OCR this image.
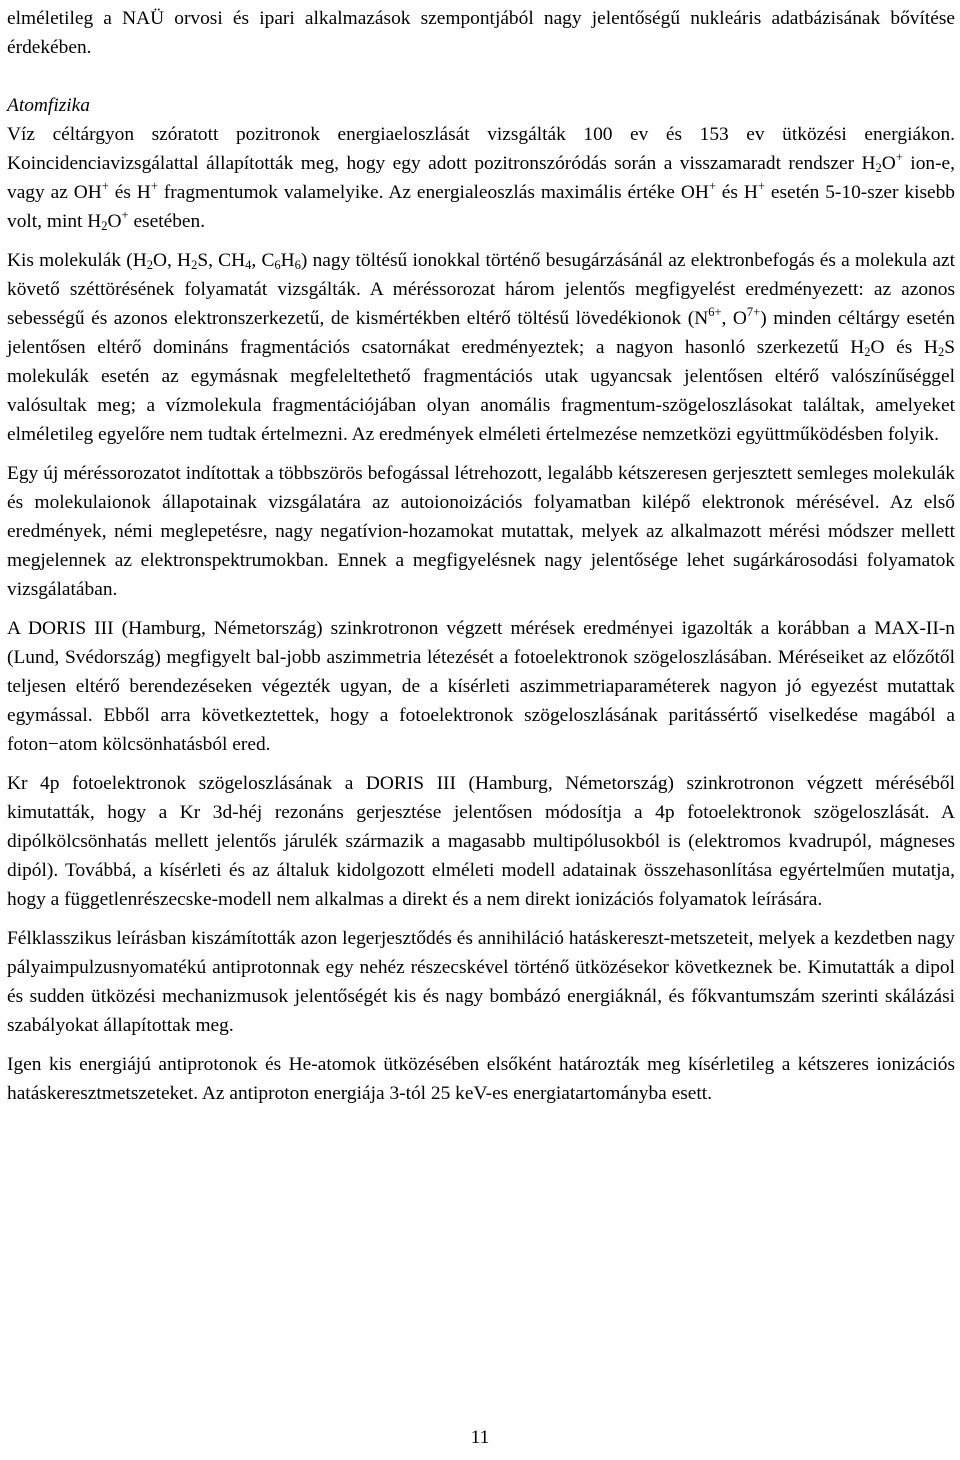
elméletileg a NAÜ orvosi és ipari alkalmazások szempontjából nagy jelentőségű nukleáris adatbázisának bővítése érdekében.

Atomfizika

Víz céltárgyon szóratott pozitronok energiaeloszlását vizsgálták 100 ev és 153 ev ütközési energiákon. Koincidenciavizsgálattal állapították meg, hogy egy adott pozitronszóródás során a visszamaradt rendszer $H_2O^+$ ion-e, vagy az OH+ és H+ fragmentumok valamelyike. Az energialeoszlás maximális értéke OH+ és H+ esetén 5-10-szer kisebb volt, mint $H_2O^+$ esetében.

Kis molekulák ($H_2O$, $H_2S$, $CH_4$, $C_6H_6$) nagy töltésű ionokkal történő besugárzásánál az elektronbefogás és a molekula azt követő széttörésének folyamatát vizsgálták. A méréssorozat három jelentős megfigyelést eredményezett: az azonos sebességű és azonos elektronszerkezetű, de kismértékben eltérő töltésű lövedékionok ($N^{6+}$, $O^{7+}$) minden céltárgy esetén jelentősen eltérő domináns fragmentációs csatornákat eredményeztek; a nagyon hasonló szerkezetű $H_2O$ és $H_2S$ molekulák esetén az egymásnak megfeleltethető fragmentációs utak ugyancsak jelentősen eltérő valószínűséggel valósultak meg; a vízmolekula fragmentációjában olyan anomális fragmentum-szögeloszlásokat találtak, amelyeket elméletileg egyelőre nem tudtak értelmezni. Az eredmények elméleti értelmezése nemzetközi együttműködésben folyik.

Egy új méréssorozatot indítottak a többszörös befogással létrehozott, legalább kétszeresen gerjesztett semleges molekulák és molekulaionok állapotainak vizsgálatára az autoionoizációs folyamatban kilépő elektronok mérésével. Az első eredmények, némi meglepetésre, nagy negatívion-hozamokat mutattak, melyek az alkalmazott mérési módszer mellett megjelennek az elektronspektrumokban. Ennek a megfigyelésnek nagy jelentősége lehet sugárkárosodási folyamatok vizsgálatában.

A DORIS III (Hamburg, Németország) szinkrotronon végzett mérések eredményei igazolták a korábban a MAX-II-n (Lund, Svédország) megfigyelt bal-jobb aszimmetria létezését a fotoelektronok szögeloszlásában. Méréseiket az előzőtől teljesen eltérő berendezéseken végezték ugyan, de a kísérleti aszimmetriaparaméterek nagyon jó egyezést mutattak egymással. Ebből arra következtettek, hogy a fotoelektronok szögeloszlásának paritássértő viselkedése magából a foton−atom kölcsönhatásból ered.

Kr 4p fotoelektronok szögeloszlásának a DORIS III (Hamburg, Németország) szinkrotronon végzett méréséből kimutatták, hogy a Kr 3d-héj rezonáns gerjesztése jelentősen módosítja a 4p fotoelektronok szögeloszlását. A dipólkölcsönhatás mellett jelentős járulék származik a magasabb multipólusokból is (elektromos kvadrupól, mágneses dipól). Továbbá, a kísérleti és az általuk kidolgozott elméleti modell adatainak összehasonlítása egyértelműen mutatja, hogy a függetlenrészecske-modell nem alkalmas a direkt és a nem direkt ionizációs folyamatok leírására.

Félklasszikus leírásban kiszámították azon legerjesztődés és annihiláció hatáskereszt-metszeteit, melyek a kezdetben nagy pályaimpulzusnyomatékú antiprotonnak egy nehéz részecskével történő ütközésekor következnek be. Kimutatták a dipol és sudden ütközési mechanizmusok jelentőségét kis és nagy bombázó energiáknál, és főkvantumszám szerinti skálázási szabályokat állapítottak meg.

Igen kis energiájú antiprotonok és He-atomok ütközésében elsőként határozták meg kísérletileg a kétszeres ionizációs hatáskeresztmetszeteket. Az antiproton energiája 3-tól 25 keV-es energiatartományba esett.

11
